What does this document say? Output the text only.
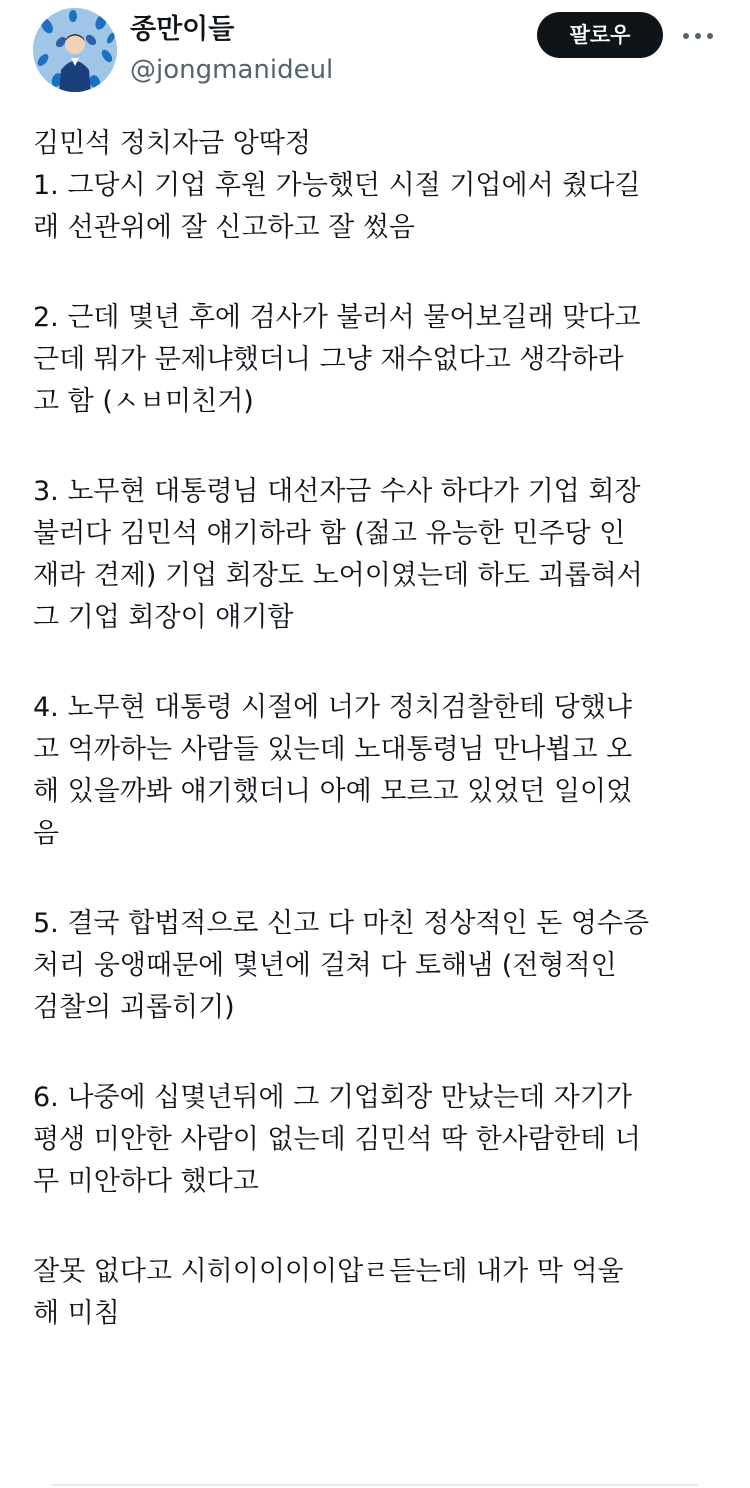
종만이들
@jongmanideul
팔로우
김민석 정치자금 앙딱정
1. 그당시 기업 후원 가능했던 시절 기업에서 줬다길
래 선관위에 잘 신고하고 잘 썼음
2. 근데 몇년 후에 검사가 불러서 물어보길래 맞다고
근데 뭐가 문제냐했더니 그냥 재수없다고 생각하라
고 함 (ㅅㅂ미친거)
3. 노무현 대통령님 대선자금 수사 하다가 기업 회장
불러다 김민석 얘기하라 함 (젊고 유능한 민주당 인
재라 견제) 기업 회장도 노어이였는데 하도 괴롭혀서
그 기업 회장이 얘기함
4. 노무현 대통령 시절에 너가 정치검찰한테 당했냐
고 억까하는 사람들 있는데 노대통령님 만나뵙고 오
해 있을까봐 얘기했더니 아예 모르고 있었던 일이었
음
5. 결국 합법적으로 신고 다 마친 정상적인 돈 영수증
처리 웅앵때문에 몇년에 걸쳐 다 토해냄 (전형적인
검찰의 괴롭히기)
6. 나중에 십몇년뒤에 그 기업회장 만났는데 자기가
평생 미안한 사람이 없는데 김민석 딱 한사람한테 너
무 미안하다 했다고
잘못 없다고 시히이이이이압ㄹ듣는데 내가 막 억울
해 미침
